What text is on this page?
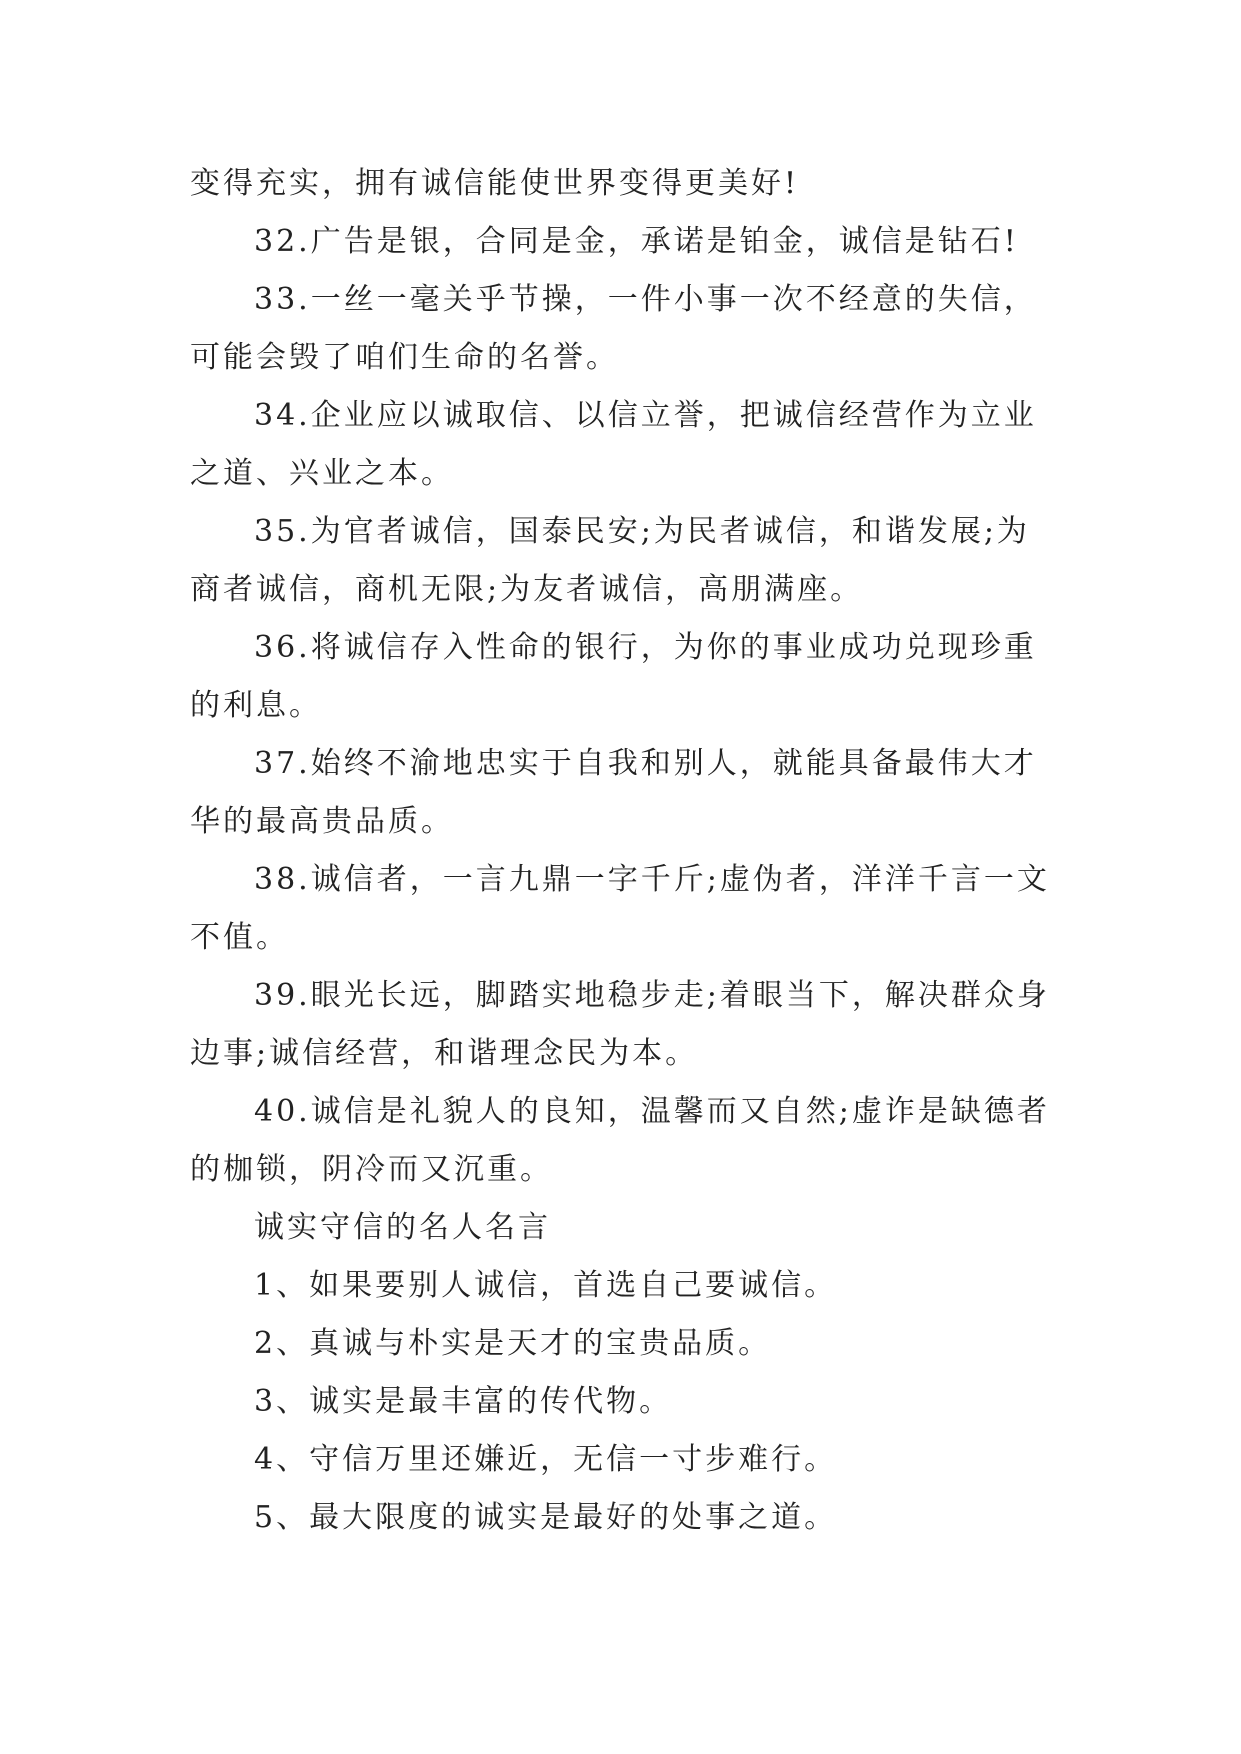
变得充实，拥有诚信能使世界变得更美好!
32.广告是银，合同是金，承诺是铂金，诚信是钻石!
33.一丝一毫关乎节操，一件小事一次不经意的失信，
可能会毁了咱们生命的名誉。
34.企业应以诚取信、以信立誉，把诚信经营作为立业
之道、兴业之本。
35.为官者诚信，国泰民安;为民者诚信，和谐发展;为
商者诚信，商机无限;为友者诚信，高朋满座。
36.将诚信存入性命的银行，为你的事业成功兑现珍重
的利息。
37.始终不渝地忠实于自我和别人，就能具备最伟大才
华的最高贵品质。
38.诚信者，一言九鼎一字千斤;虚伪者，洋洋千言一文
不值。
39.眼光长远，脚踏实地稳步走;着眼当下，解决群众身
边事;诚信经营，和谐理念民为本。
40.诚信是礼貌人的良知，温馨而又自然;虚诈是缺德者
的枷锁，阴冷而又沉重。
诚实守信的名人名言
1、如果要别人诚信，首选自己要诚信。
2、真诚与朴实是天才的宝贵品质。
3、诚实是最丰富的传代物。
4、守信万里还嫌近，无信一寸步难行。
5、最大限度的诚实是最好的处事之道。
